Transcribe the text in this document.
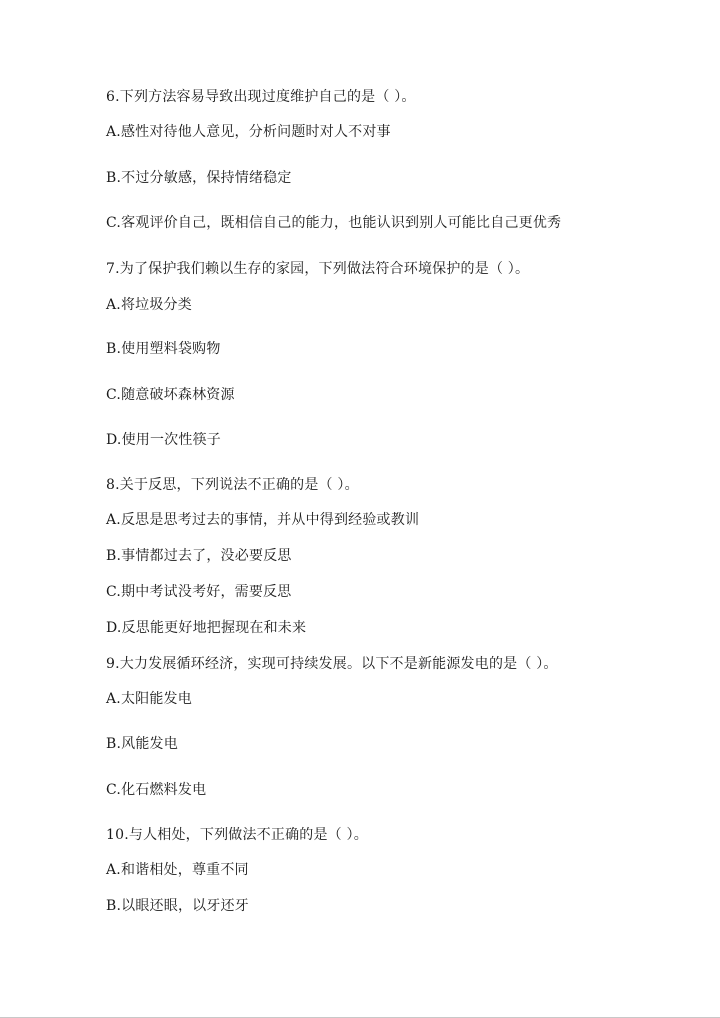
6.下列方法容易导致出现过度维护自己的是（ ）。
A.感性对待他人意见，分析问题时对人不对事
B.不过分敏感，保持情绪稳定
C.客观评价自己，既相信自己的能力，也能认识到别人可能比自己更优秀
7.为了保护我们赖以生存的家园，下列做法符合环境保护的是（ ）。
A.将垃圾分类
B.使用塑料袋购物
C.随意破坏森林资源
D.使用一次性筷子
8.关于反思，下列说法不正确的是（ ）。
A.反思是思考过去的事情，并从中得到经验或教训
B.事情都过去了，没必要反思
C.期中考试没考好，需要反思
D.反思能更好地把握现在和未来
9.大力发展循环经济，实现可持续发展。以下不是新能源发电的是（ ）。
A.太阳能发电
B.风能发电
C.化石燃料发电
10.与人相处，下列做法不正确的是（ ）。
A.和谐相处，尊重不同
B.以眼还眼，以牙还牙
